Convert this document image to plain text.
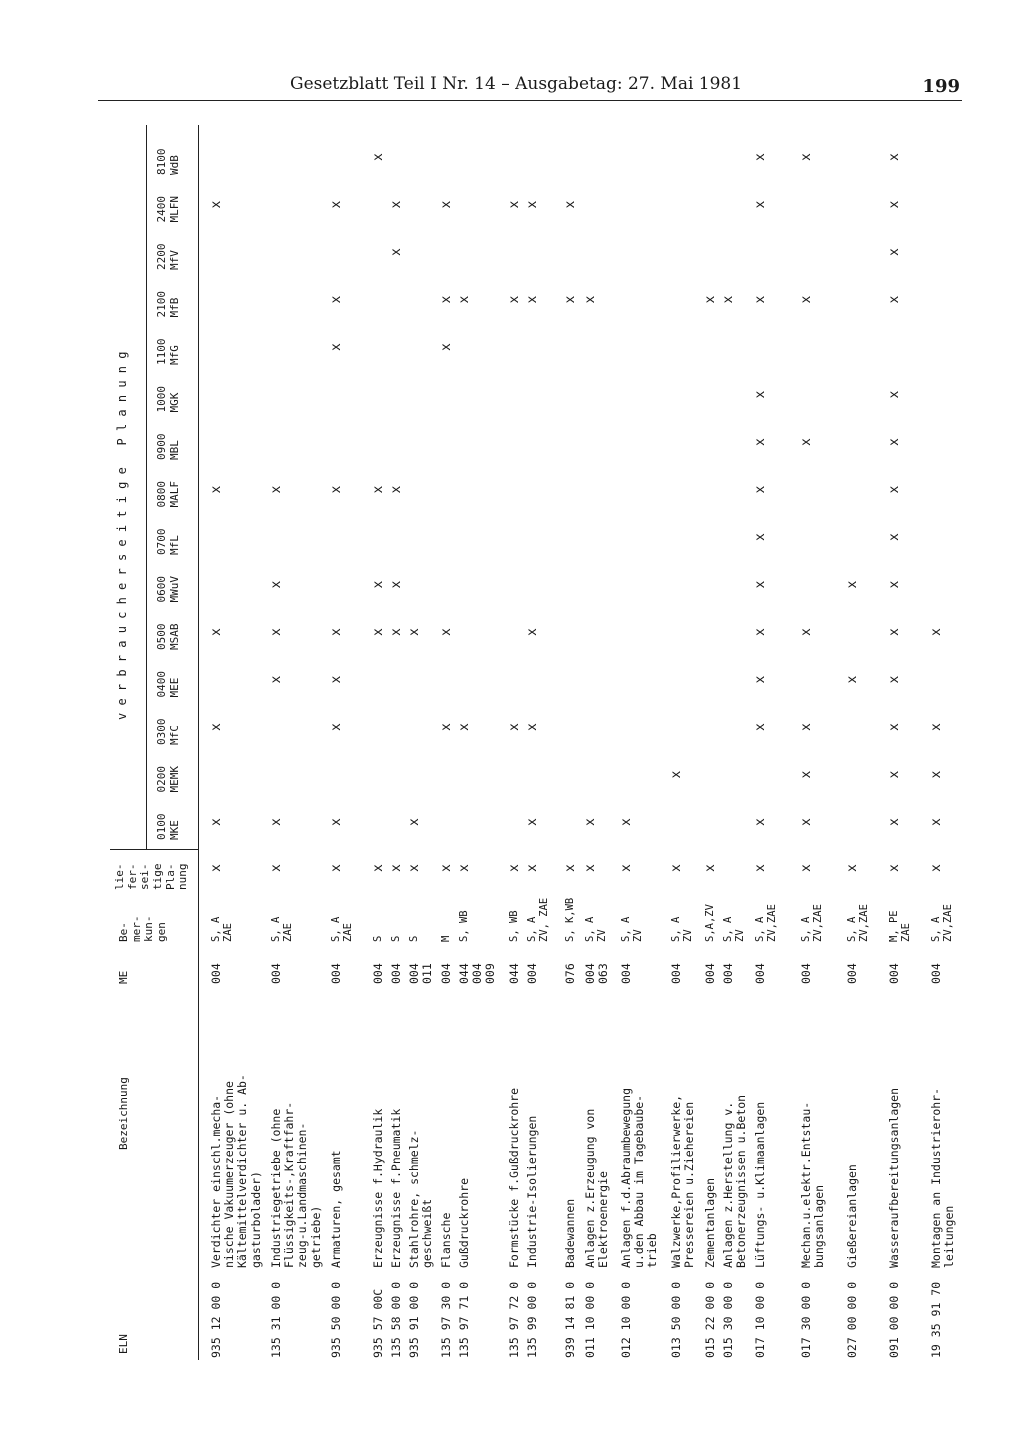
Gesetzblatt Teil I Nr. 14 – Ausgabetag: 27. Mai 1981	199
ELN
Bezeichnung
ME
Be-
mer-
kun-
gen
lie-
fer-
sei-
tige
Pla-
nung
v e r b r a u c h e r s e i t i g e   P l a n u n g
0100
MKE
0200
MEMK
0300
MfC
0400
MEE
0500
MSAB
0600
MWuV
0700
MfL
0800
MALF
0900
MBL
1000
MGK
1100
MfG
2100
MfB
2200
MfV
2400
MLFN
8100
WdB
935 12 00 0
Verdichter einschl.mecha-
nische Vakuumerzeuger (ohne
Kältemittelverdichter u. Ab-
gasturbolader)
004
S, A
ZAE
x
x
x
x
x
x
135 31 00 0
Industriegetriebe (ohne
Flüssigkeits-,Kraftfahr-
zeug-u.Landmaschinen-
getriebe)
004
S, A
ZAE
x
x
x
x
x
x
935 50 00 0
Armaturen, gesamt
004
S, A
ZAE
x
x
x
x
x
x
x
x
x
935 57 00C
Erzeugnisse f.Hydraulik
004
S
x
x
x
x
x
135 58 00 0
Erzeugnisse f.Pneumatik
004
S
x
x
x
x
x
x
935 91 00 0
Stahlrohre, schmelz-
geschweißt
004
011
S
x
x
x
135 97 30 0
Flansche
004
M
x
x
x
x
x
x
135 97 71 0
Gußdruckrohre
044
004
009
S, WB
x
x
x
135 97 72 0
Formstücke f.Gußdruckrohre
044
S, WB
x
x
x
x
135 99 00 0
Industrie-Isolierungen
004
S, A
ZV, ZAE
x
x
x
x
x
x
939 14 81 0
Badewannen
076
S, K,WB
x
x
x
011 10 00 0
Anlagen z.Erzeugung von
Elektroenergie
004
063
S, A
ZV
x
x
x
012 10 00 0
Anlagen f.d.Abraumbewegung
u.den Abbau im Tagebaube-
trieb
004
S, A
ZV
x
x
013 50 00 0
Walzwerke,Profilierwerke,
Pressereien u.Ziehereien
004
S, A
ZV
x
x
015 22 00 0
Zementanlagen
004
S,A,ZV
x
x
015 30 00 0
Anlagen z.Herstellung v.
Betonerzeugnissen u.Beton
004
S, A
ZV
x
017 10 00 0
Lüftungs- u.Klimaanlagen
004
S, A
ZV,ZAE
x
x
x
x
x
x
x
x
x
x
x
x
x
017 30 00 0
Mechan.u.elektr.Entstau-
bungsanlagen
004
S, A
ZV,ZAE
x
x
x
x
x
x
x
x
027 00 00 0
Gießereianlagen
004
S, A
ZV,ZAE
x
x
x
091 00 00 0
Wasseraufbereitungsanlagen
004
M, PE
ZAE
x
x
x
x
x
x
x
x
x
x
x
x
x
x
x
19 35 91 70
Montagen an Industrierohr-
leitungen
004
S, A
ZV,ZAE
x
x
x
x
x
